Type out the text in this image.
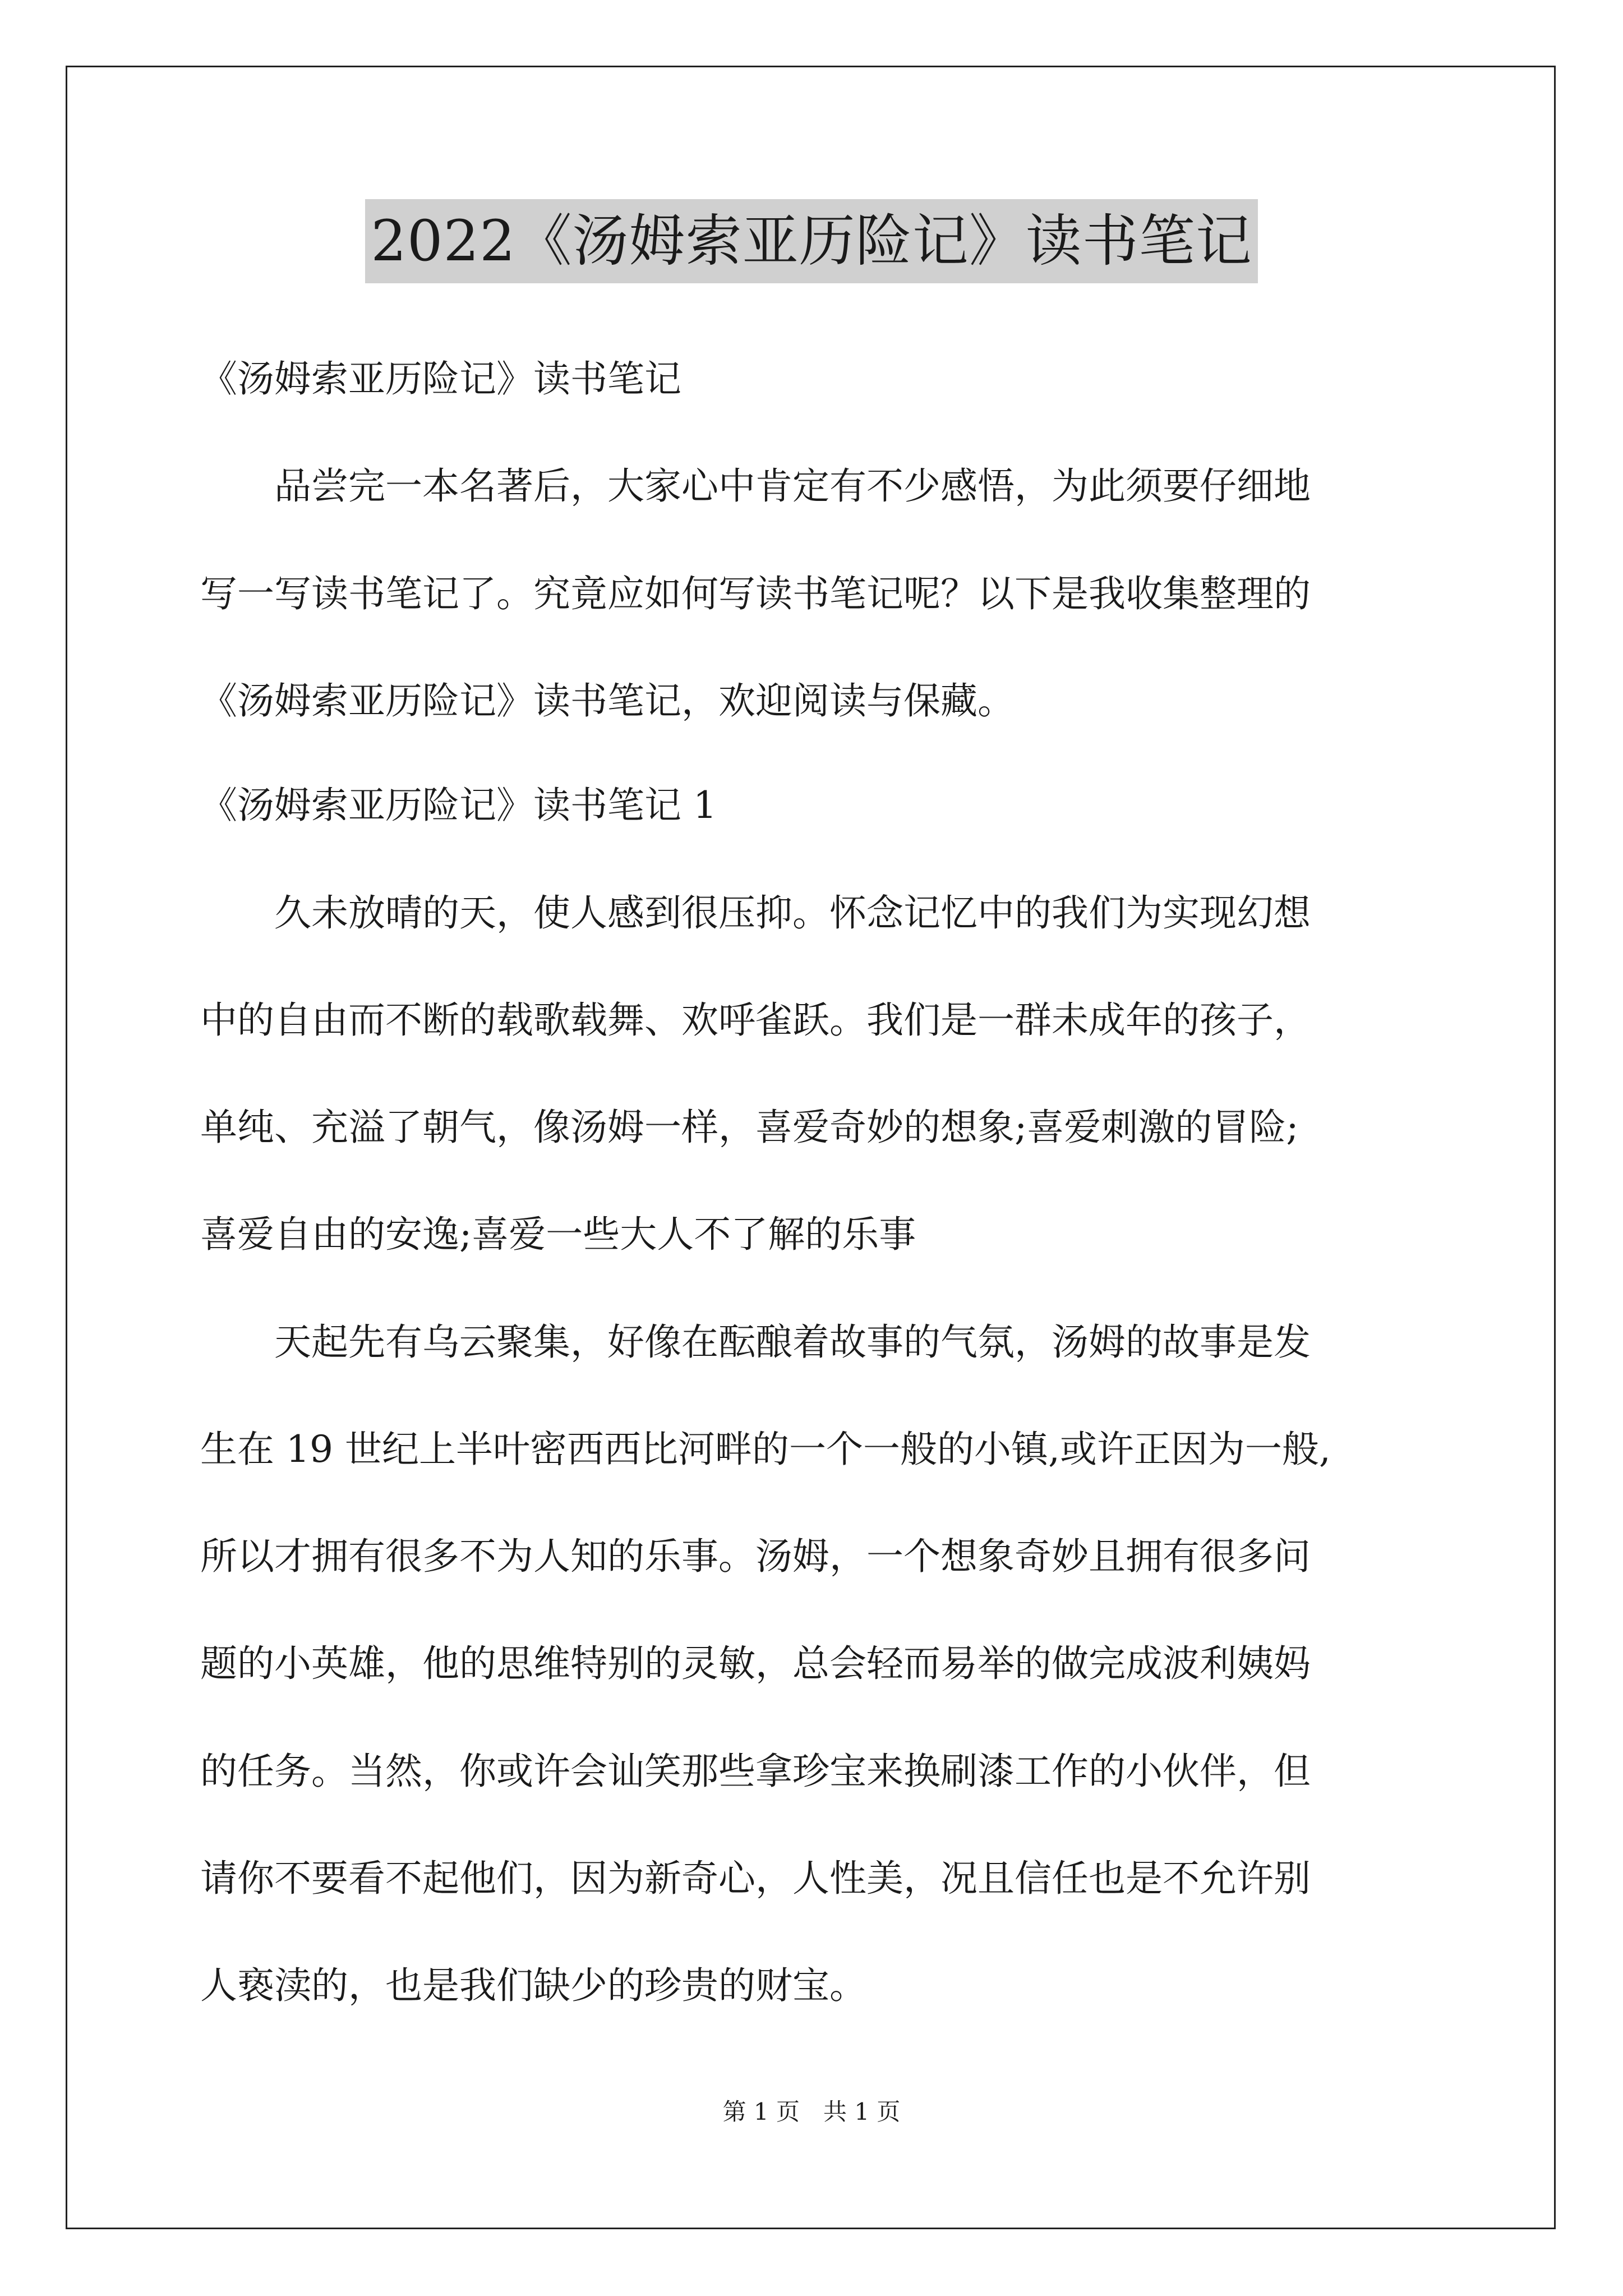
2022《汤姆索亚历险记》读书笔记
《汤姆索亚历险记》读书笔记
　　品尝完一本名著后，大家心中肯定有不少感悟，为此须要仔细地
写一写读书笔记了。究竟应如何写读书笔记呢？以下是我收集整理的
《汤姆索亚历险记》读书笔记，欢迎阅读与保藏。
《汤姆索亚历险记》读书笔记 1
　　久未放晴的天，使人感到很压抑。怀念记忆中的我们为实现幻想
中的自由而不断的载歌载舞、欢呼雀跃。我们是一群未成年的孩子，
单纯、充溢了朝气，像汤姆一样，喜爱奇妙的想象;喜爱刺激的冒险;
喜爱自由的安逸;喜爱一些大人不了解的乐事
　　天起先有乌云聚集，好像在酝酿着故事的气氛，汤姆的故事是发
生在 19 世纪上半叶密西西比河畔的一个一般的小镇,或许正因为一般,
所以才拥有很多不为人知的乐事。汤姆，一个想象奇妙且拥有很多问
题的小英雄，他的思维特别的灵敏，总会轻而易举的做完成波利姨妈
的任务。当然，你或许会讪笑那些拿珍宝来换刷漆工作的小伙伴，但
请你不要看不起他们，因为新奇心，人性美，况且信任也是不允许别
人亵渎的，也是我们缺少的珍贵的财宝。
第 1 页　共 1 页
